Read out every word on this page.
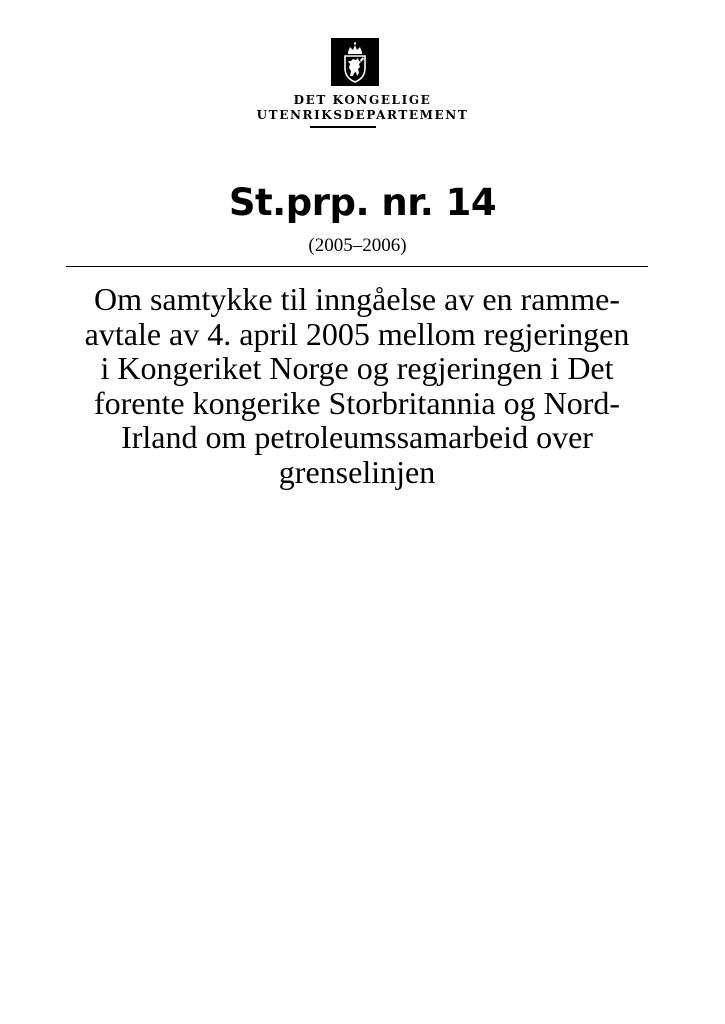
DET KONGELIGE
UTENRIKSDEPARTEMENT
St.prp. nr. 14
(2005–2006)
Om samtykke til inngåelse av en ramme-
avtale av 4. april 2005 mellom regjeringen
i Kongeriket Norge og regjeringen i Det
forente kongerike Storbritannia og Nord-
Irland om petroleumssamarbeid over
grenselinjen
